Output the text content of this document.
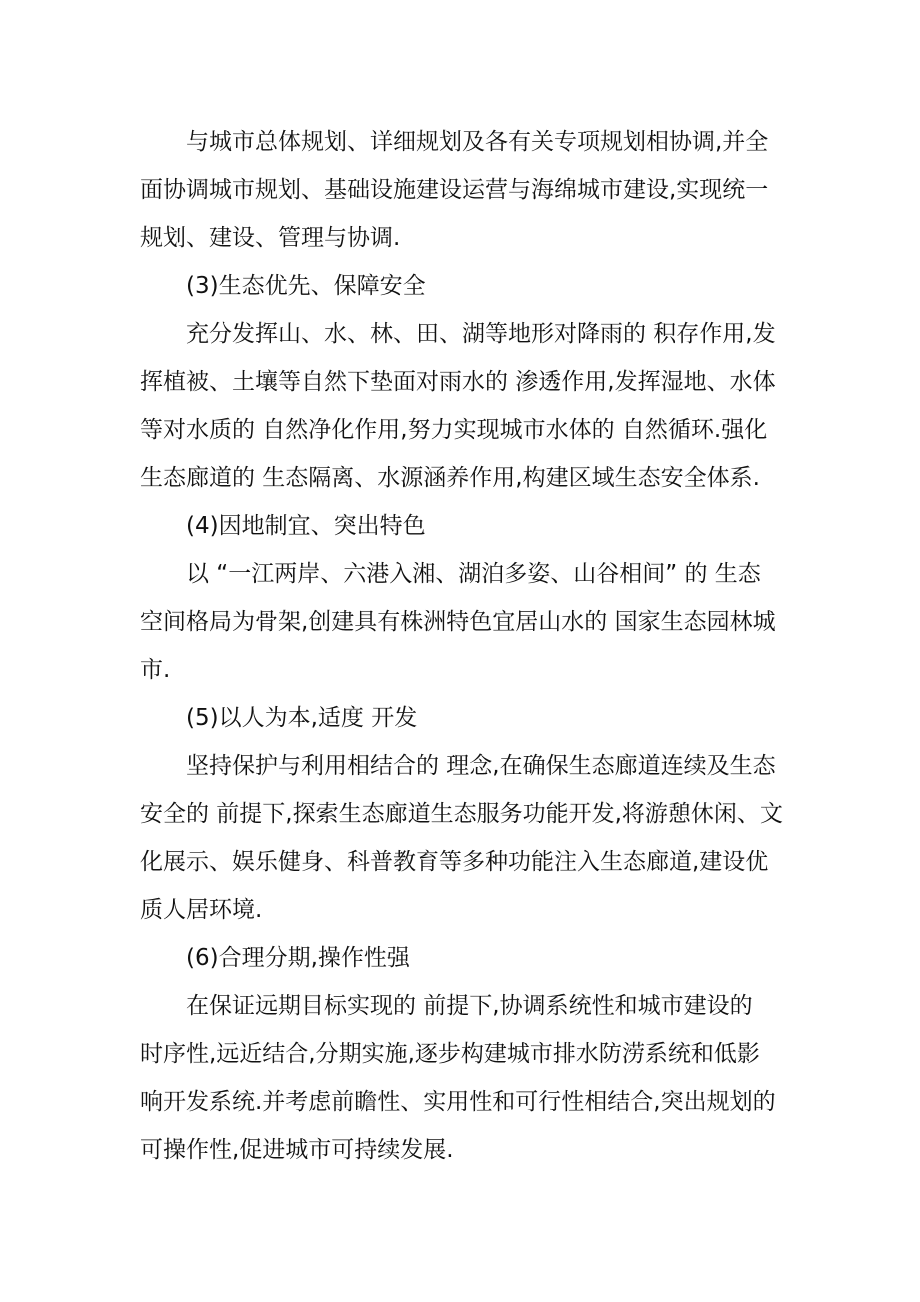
与城市总体规划、详细规划及各有关专项规划相协调,并全
面协调城市规划、基础设施建设运营与海绵城市建设,实现统一
规划、建设、管理与协调.
(3)生态优先、保障安全
充分发挥山、水、林、田、湖等地形对降雨的 积存作用,发
挥植被、土壤等自然下垫面对雨水的 渗透作用,发挥湿地、水体
等对水质的 自然净化作用,努力实现城市水体的 自然循环.强化
生态廊道的 生态隔离、水源涵养作用,构建区域生态安全体系.
(4)因地制宜、突出特色
以 “一江两岸、六港入湘、湖泊多姿、山谷相间” 的 生态
空间格局为骨架,创建具有株洲特色宜居山水的 国家生态园林城
市.
(5)以人为本,适度 开发
坚持保护与利用相结合的 理念,在确保生态廊道连续及生态
安全的 前提下,探索生态廊道生态服务功能开发,将游憩休闲、文
化展示、娱乐健身、科普教育等多种功能注入生态廊道,建设优
质人居环境.
(6)合理分期,操作性强
在保证远期目标实现的 前提下,协调系统性和城市建设的
时序性,远近结合,分期实施,逐步构建城市排水防涝系统和低影
响开发系统.并考虑前瞻性、实用性和可行性相结合,突出规划的
可操作性,促进城市可持续发展.
